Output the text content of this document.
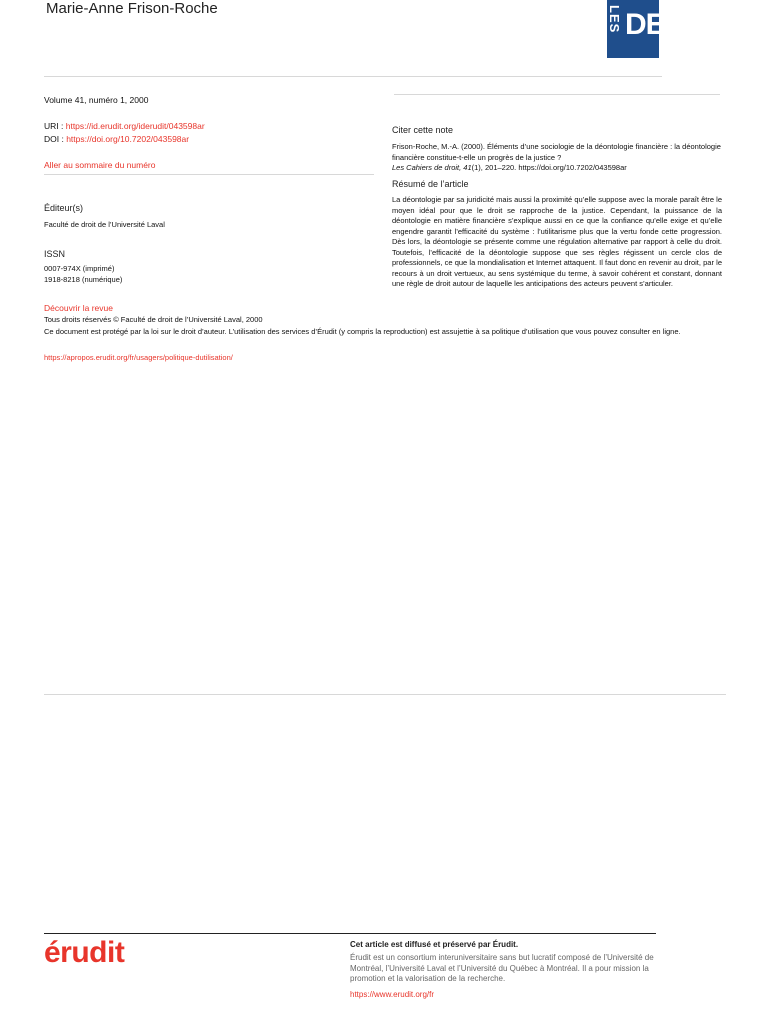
Marie-Anne Frison-Roche	LES DE
Volume 41, numéro 1, 2000
URI : https://id.erudit.org/iderudit/043598ar
DOI : https://doi.org/10.7202/043598ar
Aller au sommaire du numéro
Éditeur(s)
Faculté de droit de l’Université Laval
ISSN
0007-974X (imprimé)
1918-8218 (numérique)
Découvrir la revue
Tous droits réservés © Faculté de droit de l’Université Laval, 2000
Ce document est protégé par la loi sur le droit d’auteur. L’utilisation des services d’Érudit (y compris la reproduction) est assujettie à sa politique d’utilisation que vous pouvez consulter en ligne.
https://apropos.erudit.org/fr/usagers/politique-dutilisation/
Citer cette note
Frison-Roche, M.-A. (2000). Éléments d’une sociologie de la déontologie financière : la déontologie financière constitue-t-elle un progrès de la justice ?
Les Cahiers de droit, 41(1), 201–220. https://doi.org/10.7202/043598ar
Résumé de l’article
La déontologie par sa juridicité mais aussi la proximité qu’elle suppose avec la morale paraît être le moyen idéal pour que le droit se rapproche de la justice. Cependant, la puissance de la déontologie en matière financière s’explique aussi en ce que la confiance qu’elle exige et qu’elle engendre garantit l’efficacité du système : l’utilitarisme plus que la vertu fonde cette progression. Dès lors, la déontologie se présente comme une régulation alternative par rapport à celle du droit. Toutefois, l’efficacité de la déontologie suppose que ses règles régissent un cercle clos de professionnels, ce que la mondialisation et Internet attaquent. Il faut donc en revenir au droit, par le recours à un droit vertueux, au sens systémique du terme, à savoir cohérent et constant, donnant une règle de droit autour de laquelle les anticipations des acteurs peuvent s’articuler.
érudit	Cet article est diffusé et préservé par Érudit.
Érudit est un consortium interuniversitaire sans but lucratif composé de l’Université de Montréal, l’Université Laval et l’Université du Québec à Montréal. Il a pour mission la promotion et la valorisation de la recherche.
https://www.erudit.org/fr
